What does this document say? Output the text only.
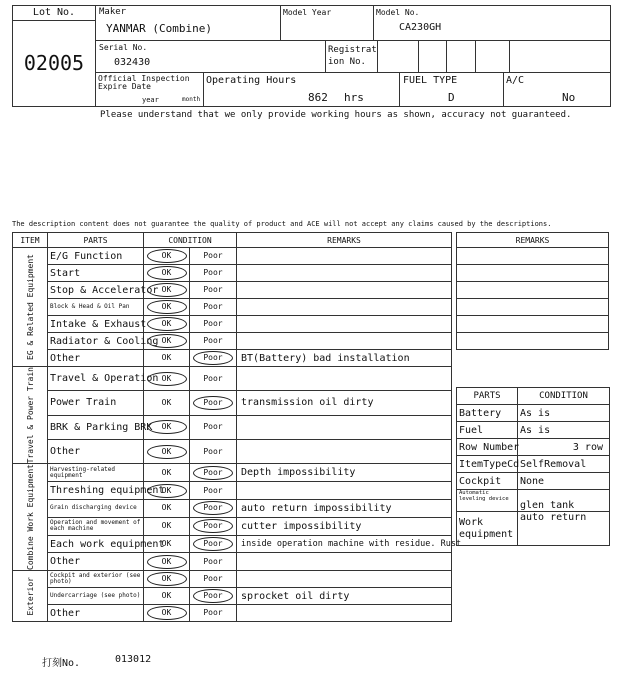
Lot No.
02005
Maker
YANMAR (Combine)
Model Year	Model No.
CA230GH
Serial No.
032430
Registrat ion No.
Official Inspection Expire Date
year	month
Operating Hours
862 hrs
FUEL TYPE
D
A/C
No
Please understand that we only provide working hours as shown, accuracy not guaranteed.
The description content does not guarantee the quality of product and ACE will not accept any claims caused by the descriptions.
ITEM	PARTS	CONDITION		REMARKS

EG & Related Equipment	E/G Function	OK	Poor	
	Start	OK	Poor	
	Stop & Accelerator	OK	Poor	
	Block & Head & Oil Pan	OK	Poor	
	Intake & Exhaust	OK	Poor	
	Radiator & Cooling	OK	Poor	
	Other	OK	Poor	BT(Battery) bad installation

Travel & Power Train	Travel & Operation	OK	Poor	
	Power Train	OK	Poor	transmission oil dirty
	BRK & Parking BRK	OK	Poor	
	Other	OK	Poor	

Combine Work Equipment	Harvesting-related equipment	OK	Poor	Depth impossibility
	Threshing equipment	OK	Poor	
	Grain discharging device	OK	Poor	auto return impossibility
	Operation and movement of each machine	OK	Poor	cutter impossibility
	Each work equipment	OK	Poor	inside operation machine with residue. Rust
	Other	OK	Poor	

Exterior	Cockpit and exterior (see photo)	OK	Poor	
	Undercarriage (see photo)	OK	Poor	sprocket oil dirty
	Other	OK	Poor	
REMARKS

PARTS	CONDITION
Battery	As is
Fuel	As is
Row Number	3 row
ItemTypeCd	SelfRemoval
Cockpit	None
Automatic leveling device	glen tank
Work equipment	auto return
打刻No.	013012
